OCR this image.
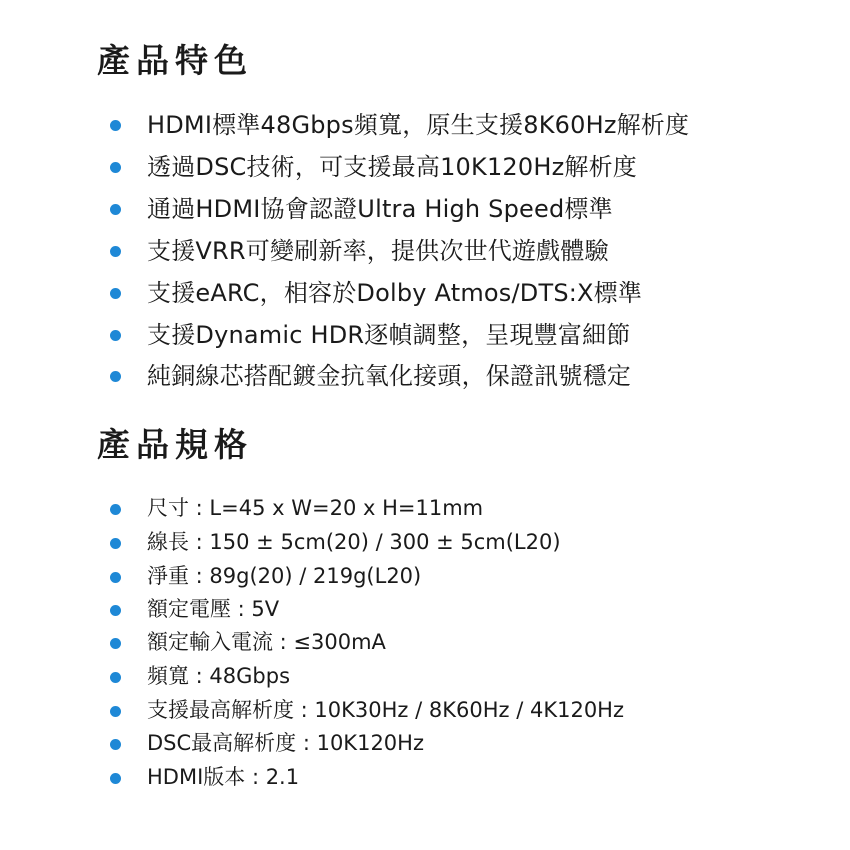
產品特色
HDMI標準48Gbps頻寬，原生支援8K60Hz解析度
透過DSC技術，可支援最高10K120Hz解析度
通過HDMI協會認證Ultra High Speed標準
支援VRR可變刷新率，提供次世代遊戲體驗
支援eARC，相容於Dolby Atmos/DTS:X標準
支援Dynamic HDR逐幀調整，呈現豐富細節
純銅線芯搭配鍍金抗氧化接頭，保證訊號穩定
產品規格
尺寸 : L=45 x W=20 x H=11mm
線長 : 150 ± 5cm(20) / 300 ± 5cm(L20)
淨重 : 89g(20) / 219g(L20)
額定電壓 : 5V
額定輸入電流 : ≤300mA
頻寬 : 48Gbps
支援最高解析度 : 10K30Hz / 8K60Hz / 4K120Hz
DSC最高解析度 : 10K120Hz
HDMI版本 : 2.1
